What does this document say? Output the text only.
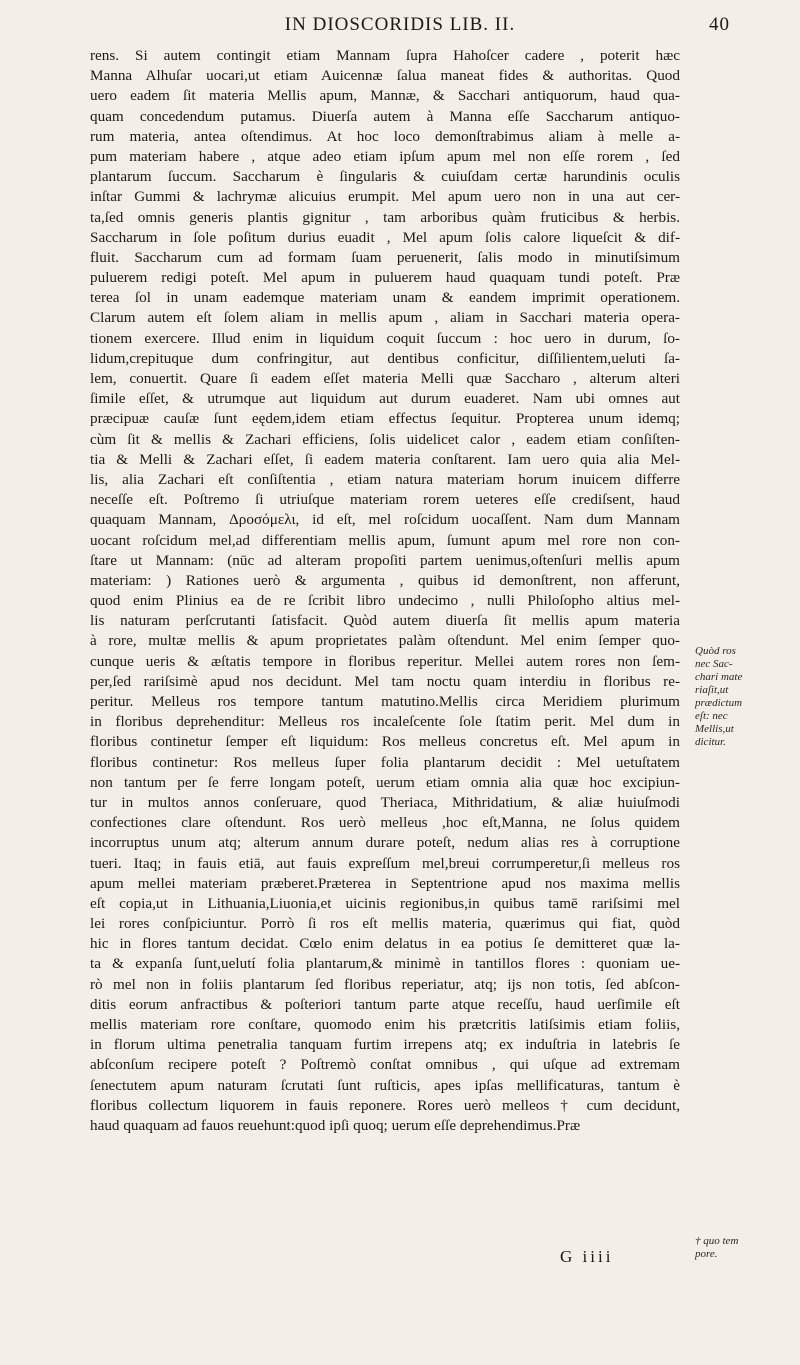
IN DIOSCORIDIS LIB. II.	40
rens. Si autem contingit etiam Mannam ſupra Hahoſcer cadere , poterit hæc
Manna Alhuſar uocari,ut etiam Auicennæ ſalua maneat fides & authoritas. Quod
uero eadem ſit materia Mellis apum, Mannæ, & Sacchari antiquorum, haud qua-
quam concedendum putamus. Diuerſa autem à Manna eſſe Saccharum antiquo-
rum materia, antea oſtendimus. At hoc loco demonſtrabimus aliam à melle a-
pum materiam habere , atque adeo etiam ipſum apum mel non eſſe rorem , ſed
plantarum ſuccum. Saccharum è ſingularis & cuiuſdam certæ harundinis oculis
inſtar Gummi & lachrymæ alicuius erumpit. Mel apum uero non in una aut cer-
ta,ſed omnis generis plantis gignitur , tam arboribus quàm fruticibus & herbis.
Saccharum in ſole poſitum durius euadit , Mel apum ſolis calore liqueſcit & dif-
fluit. Saccharum cum ad formam ſuam peruenerit, ſalis modo in minutiſsimum
puluerem redigi poteſt. Mel apum in puluerem haud quaquam tundi poteſt. Præ
terea ſol in unam eademque materiam unam & eandem imprimit operationem.
Clarum autem eſt ſolem aliam in mellis apum , aliam in Sacchari materia opera-
tionem exercere. Illud enim in liquidum coquit ſuccum : hoc uero in durum, ſo-
lidum,crepituque dum confringitur, aut dentibus conficitur, diſſilientem,ueluti ſa-
lem, conuertit. Quare ſi eadem eſſet materia Melli quæ Saccharo , alterum alteri
ſimile eſſet, & utrumque aut liquidum aut durum euaderet. Nam ubi omnes aut
præcipuæ cauſæ ſunt eędem,idem etiam effectus ſequitur. Propterea unum idemq;
cùm ſit & mellis & Zachari efficiens, ſolis uidelicet calor , eadem etiam conſiſten-
tia & Melli & Zachari eſſet, ſi eadem materia conſtarent. Iam uero quia alia Mel-
lis, alia Zachari eſt conſiſtentia , etiam natura materiam horum inuicem differre
neceſſe eſt. Poſtremo ſi utriuſque materiam rorem ueteres eſſe crediſsent, haud
quaquam Mannam, Δροσόμελι, id eſt, mel roſcidum uocaſſent. Nam dum Mannam
uocant roſcidum mel,ad differentiam mellis apum, ſumunt apum mel rore non con-
ſtare ut Mannam: (nūc ad alteram propoſiti partem uenimus,oſtenſuri mellis apum
materiam: ) Rationes uerò & argumenta , quibus id demonſtrent, non afferunt,
quod enim Plinius ea de re ſcribit libro undecimo , nulli Philoſopho altius mel-
lis naturam perſcrutanti ſatisfacit. Quòd autem diuerſa ſit mellis apum materia
à rore, multæ mellis & apum proprietates palàm oſtendunt. Mel enim ſemper quo-
cunque ueris & æſtatis tempore in floribus reperitur. Mellei autem rores non ſem-
per,ſed rariſsimè apud nos decidunt. Mel tam noctu quam interdiu in floribus re-
peritur. Melleus ros tempore tantum matutino.Mellis circa Meridiem plurimum
in floribus deprehenditur: Melleus ros incaleſcente ſole ſtatim perit. Mel dum in
floribus continetur ſemper eſt liquidum: Ros melleus concretus eſt. Mel apum in
floribus continetur: Ros melleus ſuper folia plantarum decidit : Mel uetuſtatem
non tantum per ſe ferre longam poteſt, uerum etiam omnia alia quæ hoc excipiun-
tur in multos annos conſeruare, quod Theriaca, Mithridatium, & aliæ huiuſmodi
confectiones clare oſtendunt. Ros uerò melleus ,hoc eſt,Manna, ne ſolus quidem
incorruptus unum atq; alterum annum durare poteſt, nedum alias res à corruptione
tueri. Itaq; in fauis etiā, aut fauis expreſſum mel,breui corrumperetur,ſi melleus ros
apum mellei materiam præberet.Præterea in Septentrione apud nos maxima mellis
eſt copia,ut in Lithuania,Liuonia,et uicinis regionibus,in quibus tamē rariſsimi mel
lei rores conſpiciuntur. Porrò ſi ros eſt mellis materia, quærimus qui fiat, quòd
hic in flores tantum decidat. Cœlo enim delatus in ea potius ſe demitteret quæ la-
ta & expanſa ſunt,uelutí folia plantarum,& minimè in tantillos flores : quoniam ue-
rò mel non in foliis plantarum ſed floribus reperiatur, atq; ijs non totis, ſed abſcon-
ditis eorum anfractibus & poſteriori tantum parte atque receſſu, haud uerſimile eſt
mellis materiam rore conſtare, quomodo enim his prætcritis latiſsimis etiam foliis,
in florum ultima penetralia tanquam furtim irrepens atq; ex induſtria in latebris ſe
abſconſum recipere poteſt ? Poſtremò conſtat omnibus , qui uſque ad extremam
ſenectutem apum naturam ſcrutati ſunt ruſticis, apes ipſas mellificaturas, tantum è
floribus collectum liquorem in fauis reponere. Rores uerò melleos † cum decidunt,
haud quaquam ad fauos reuehunt:quod ipſi quoq; uerum eſſe deprehendimus.Præ
Quòd ros
nec Sac-
chari mate
riaſit,ut
prædictum
eſt: nec
Mellis,ut
dicitur.
† quo tem
pore.
G iiii
